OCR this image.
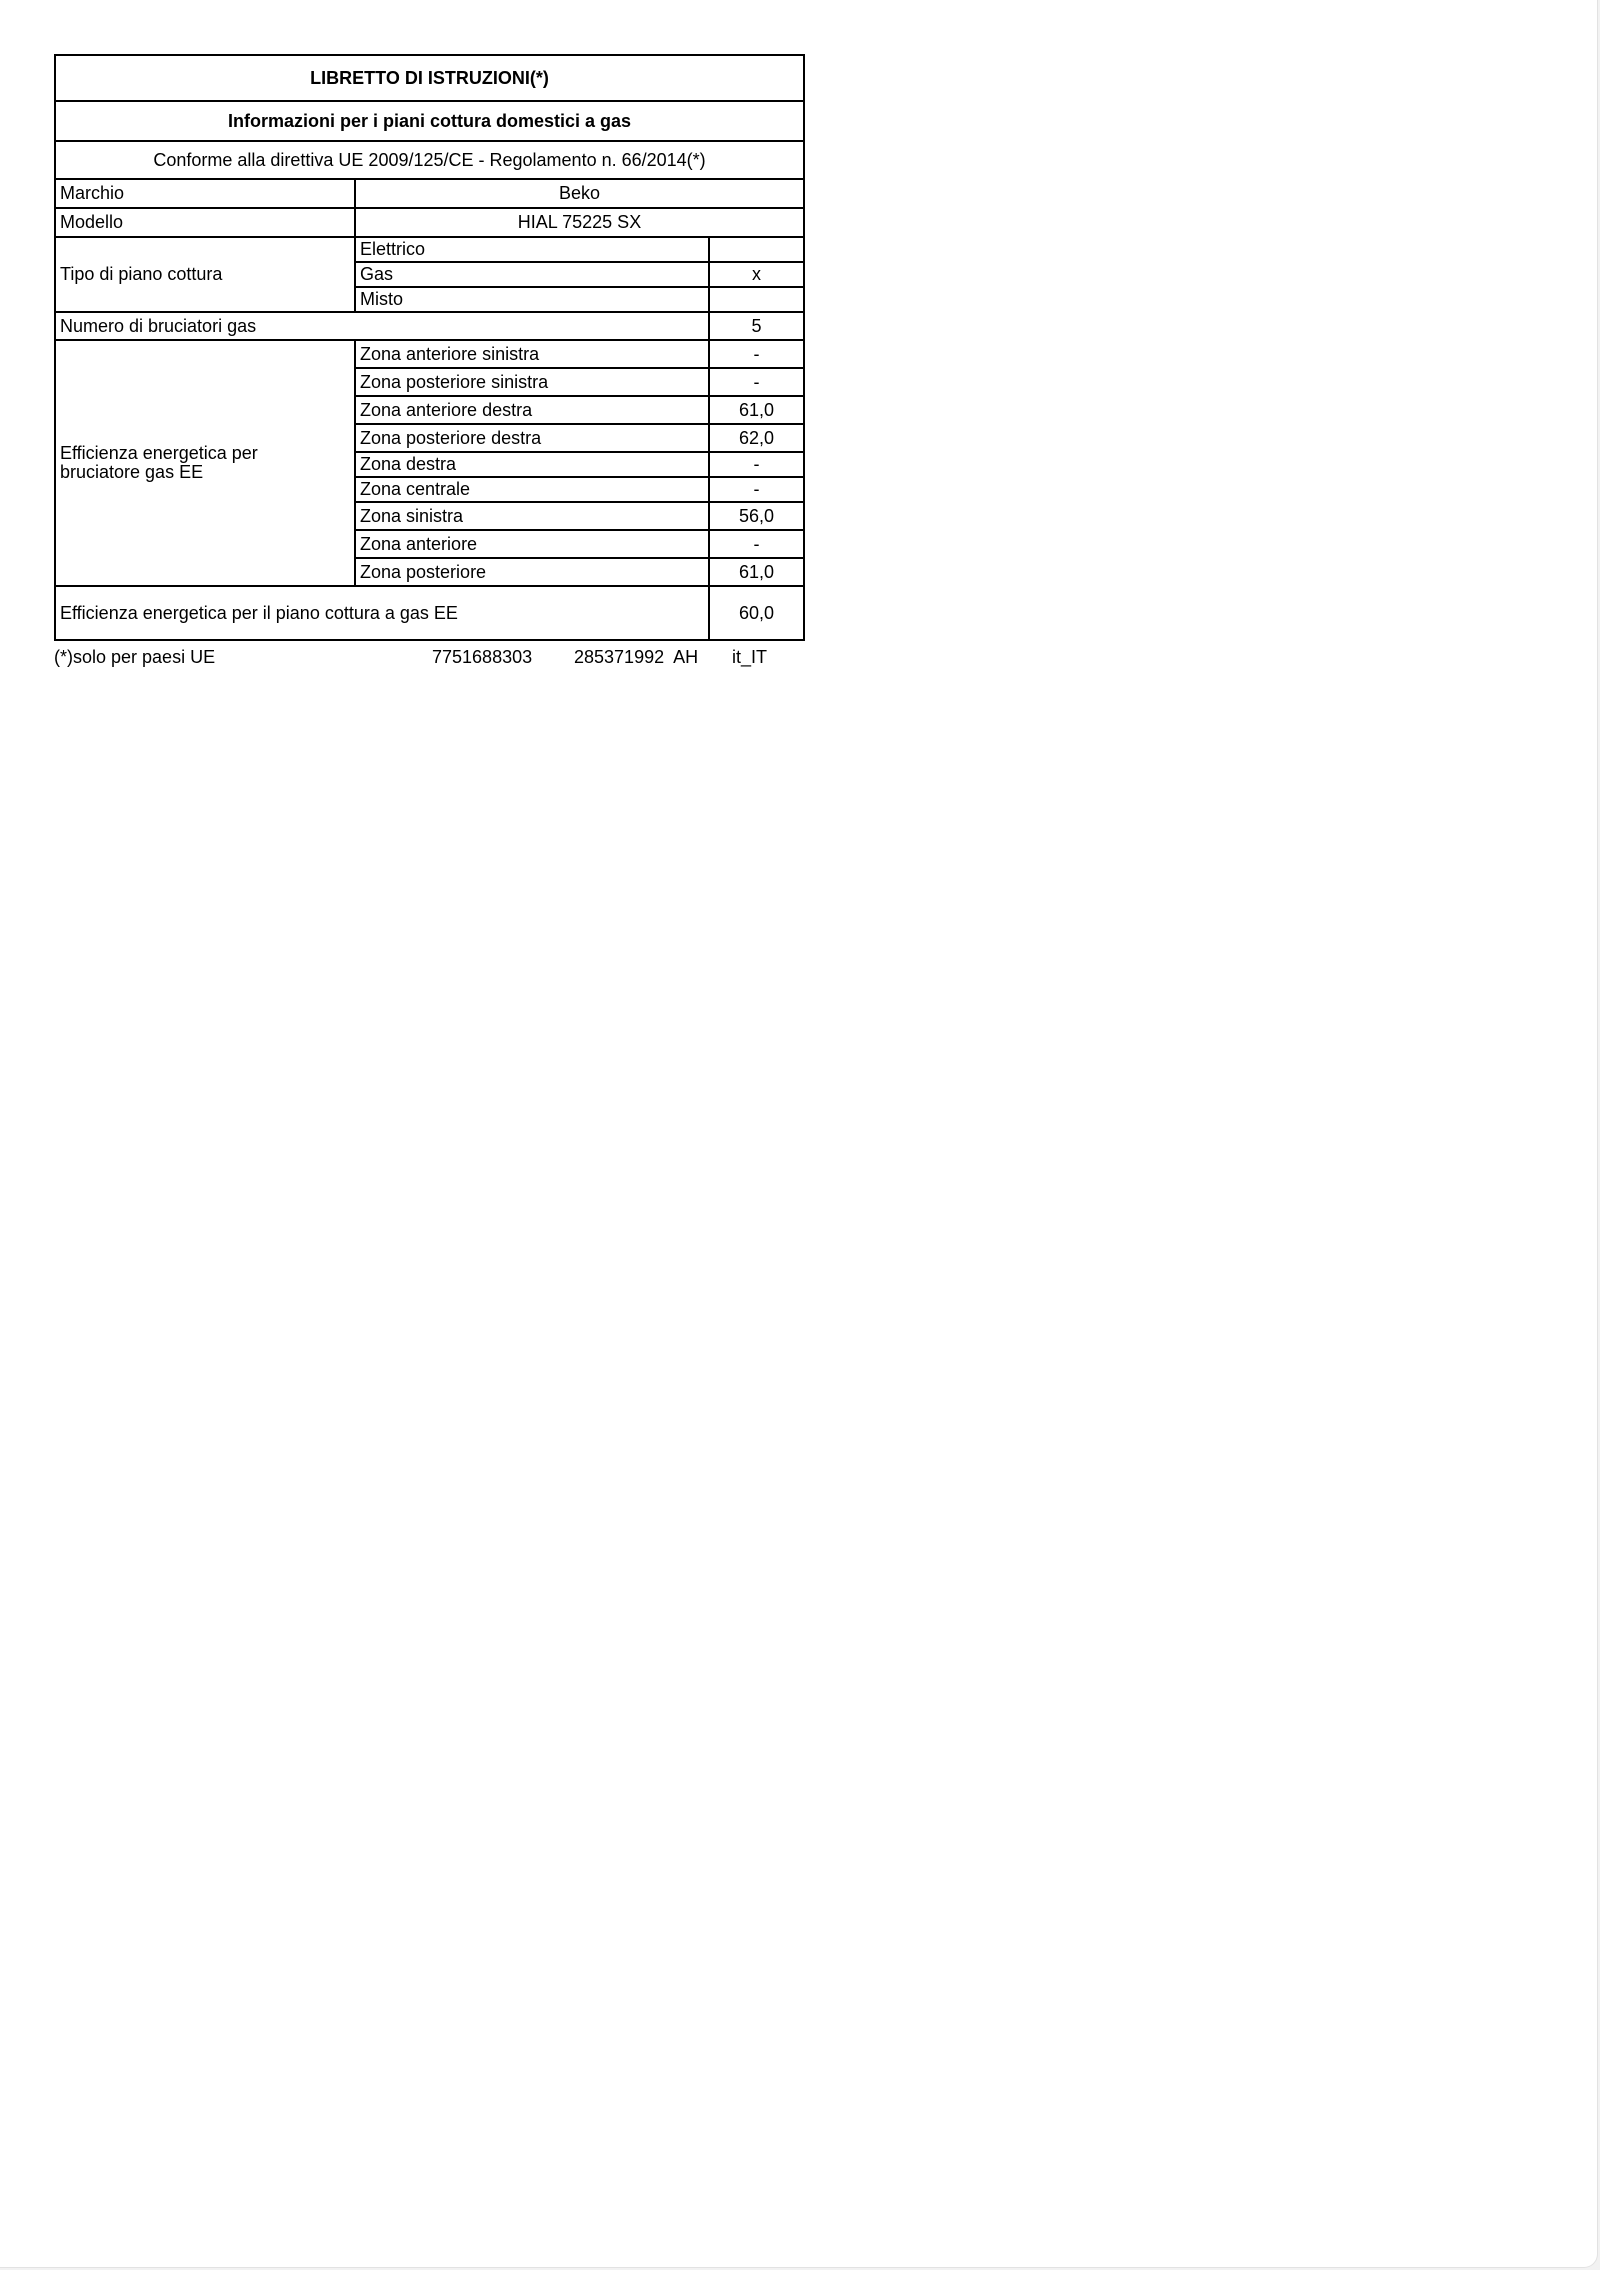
LIBRETTO DI ISTRUZIONI(*)		
Informazioni per i piani cottura domestici a gas		
Conforme alla direttiva UE 2009/125/CE - Regolamento n. 66/2014(*)		
Marchio	Beko	
Modello	HIAL 75225 SX	
Tipo di piano cottura	Elettrico	
	Gas	x
	Misto	
Numero di bruciatori gas		5
Efficienza energetica per bruciatore gas EE	Zona anteriore sinistra	-
	Zona posteriore sinistra	-
	Zona anteriore destra	61,0
	Zona posteriore destra	62,0
	Zona destra	-
	Zona centrale	-
	Zona sinistra	56,0
	Zona anteriore	-
	Zona posteriore	61,0
Efficienza energetica per il piano cottura a gas EE		60,0
(*)solo per paesi UE	7751688303 285371992  AH it_IT
